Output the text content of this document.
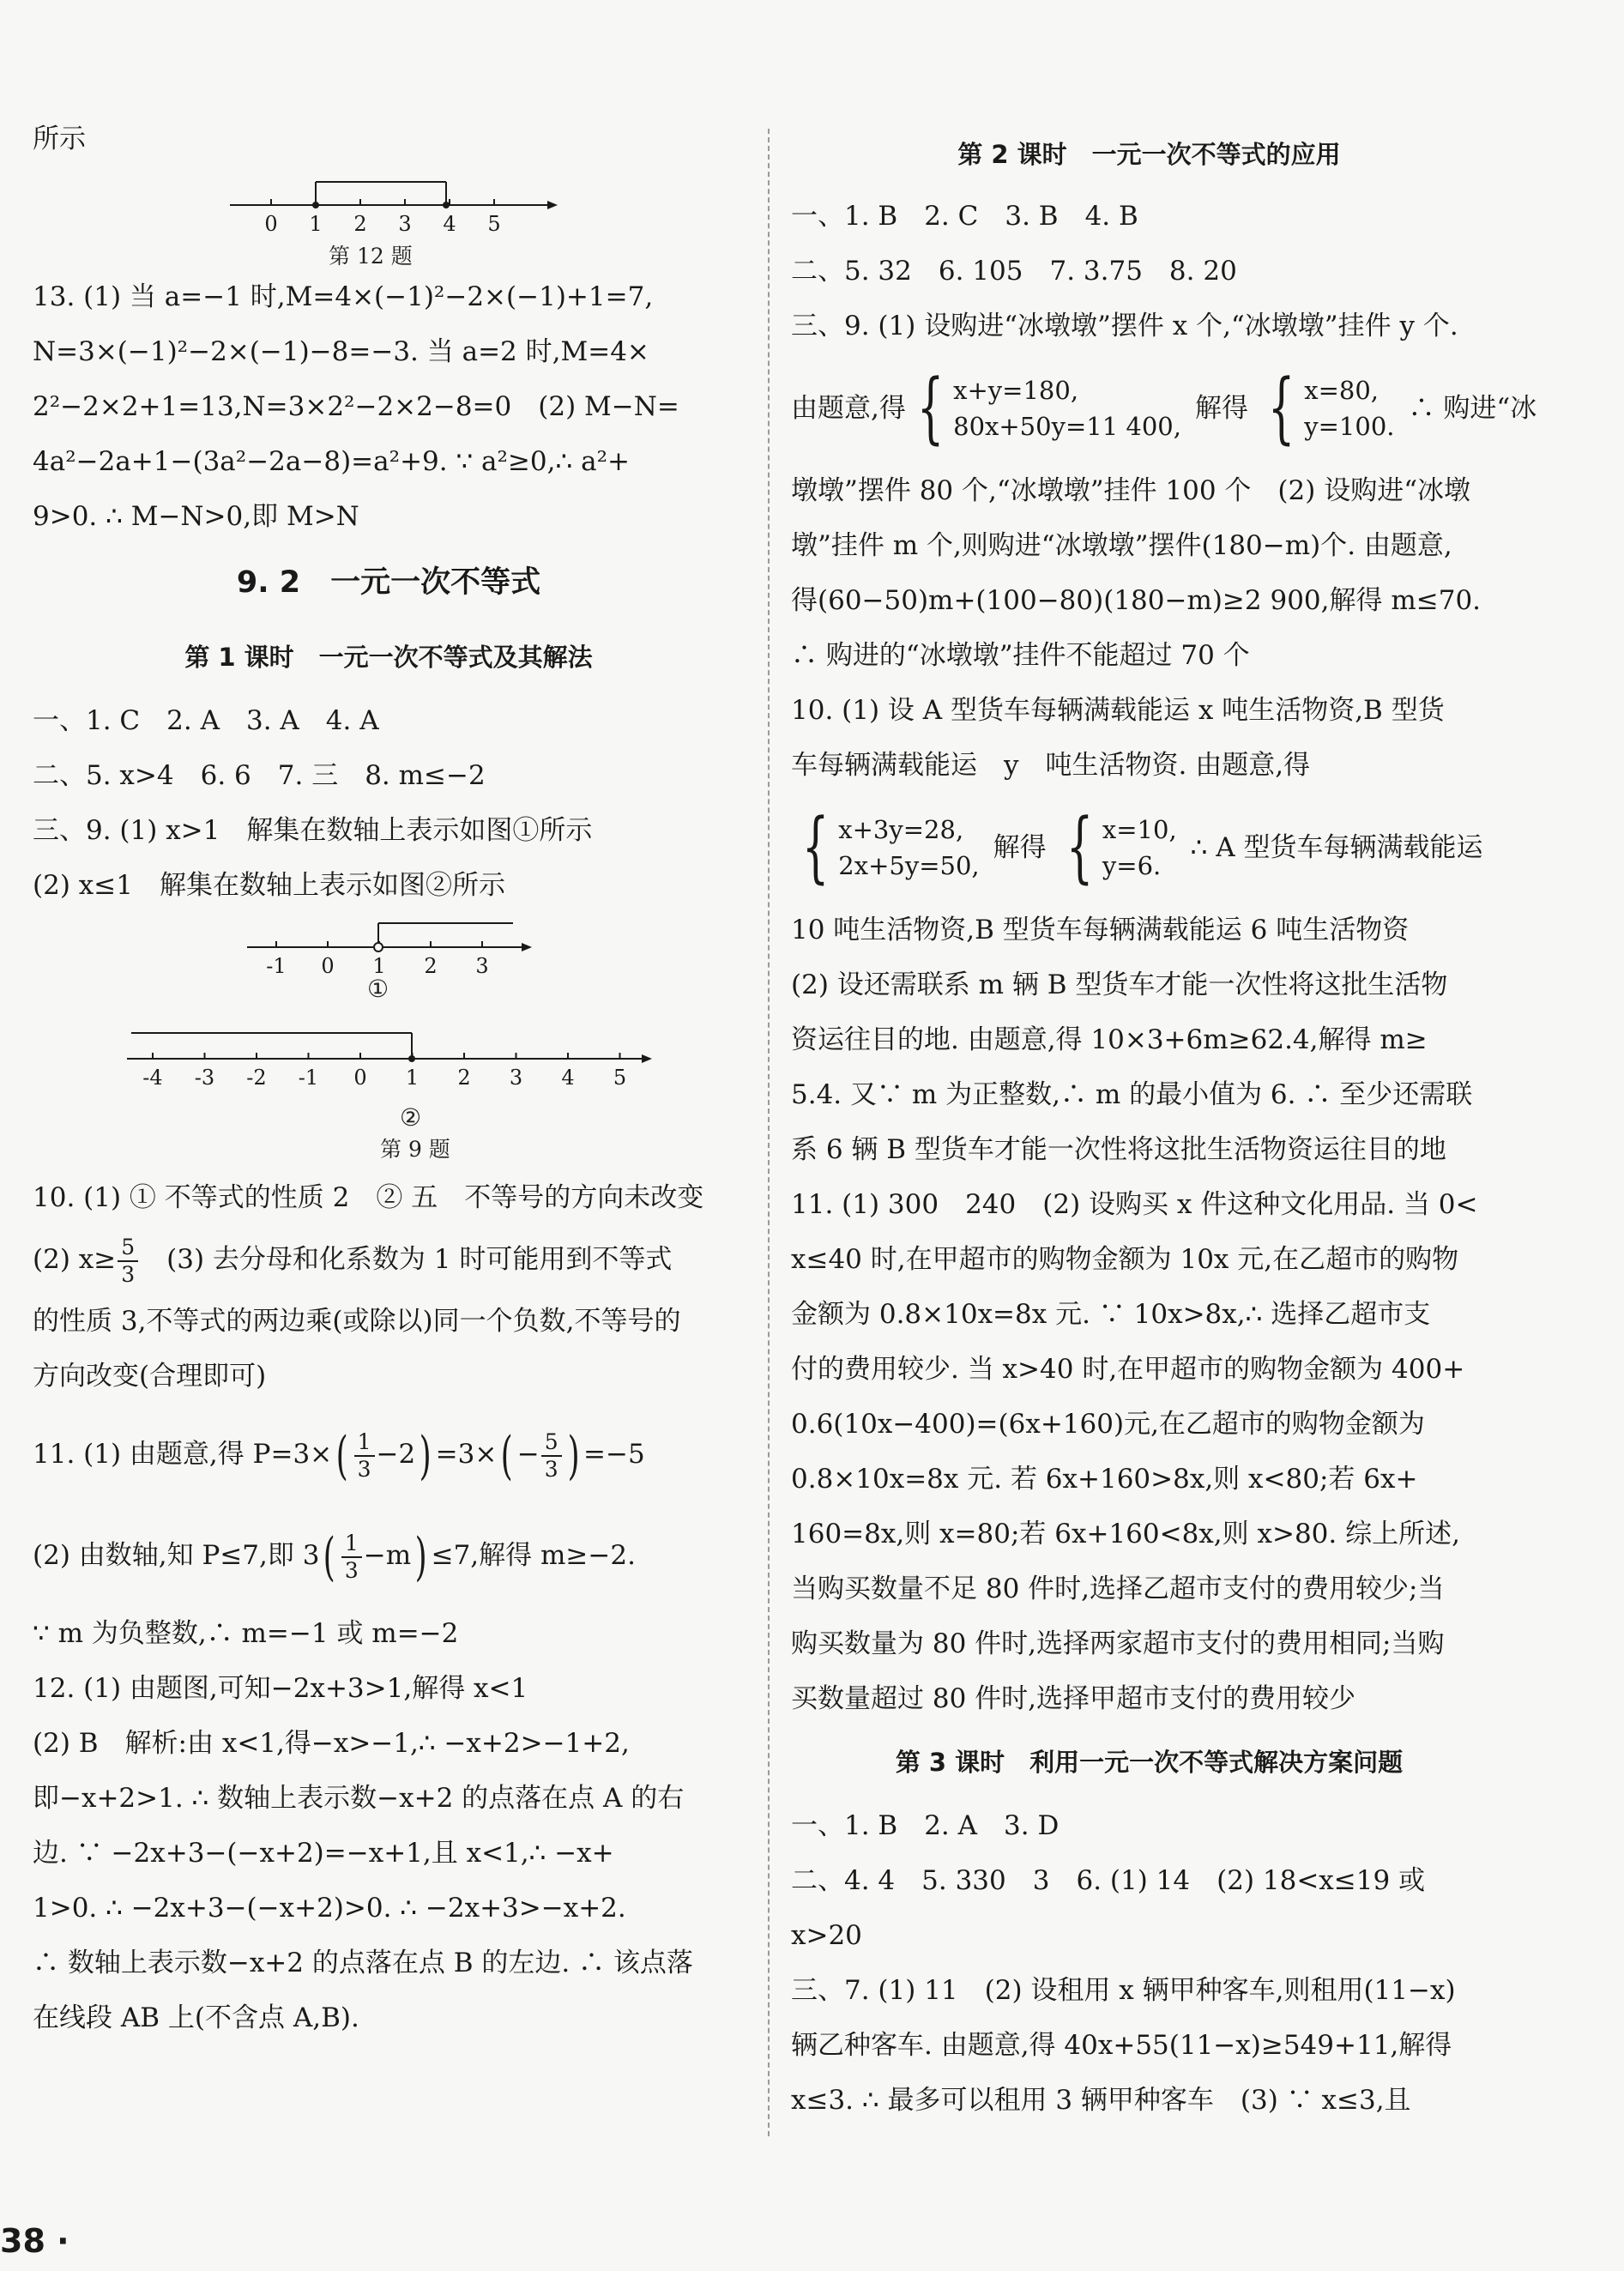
所示
0 1 2 3 4 5
第 12 题
13. (1) 当 a=−1 时,M=4×(−1)²−2×(−1)+1=7,
N=3×(−1)²−2×(−1)−8=−3. 当 a=2 时,M=4×
2²−2×2+1=13,N=3×2²−2×2−8=0　(2) M−N=
4a²−2a+1−(3a²−2a−8)=a²+9. ∵ a²≥0,∴ a²+
9>0. ∴ M−N>0,即 M>N
9. 2　一元一次不等式
第 1 课时　一元一次不等式及其解法
一、1. C　2. A　3. A　4. A
二、5. x>4　6. 6　7. 三　8. m≤−2
三、9. (1) x>1　解集在数轴上表示如图①所示
(2) x≤1　解集在数轴上表示如图②所示
-1 0 1 2 3
-4 -3 -2 -1 0 1 2 3 4 5
①
②
第 9 题
10. (1) ① 不等式的性质 2　② 五　不等号的方向未改变
(2) $x\ge \frac{5}{3}$ 　(3) 去分母和化系数为 1 时可能用到不等式
的性质 3,不等式的两边乘(或除以)同一个负数,不等号的
方向改变(合理即可)
11. (1) 由题意,得 $P=3\times( \frac{1}{3} -2) =3\times( - \frac{5}{3}$ ) =−5
(2) 由数轴,知 P≤7,即 $3( \frac{1}{3} -m) \le 7$,解得 m≥−2.
∵ m 为负整数,∴ m=−1 或 m=−2
12. (1) 由题图,可知−2x+3>1,解得 x<1
(2) B　解析:由 x<1,得−x>−1,∴ −x+2>−1+2,
即−x+2>1. ∴ 数轴上表示数−x+2 的点落在点 A 的右
边. ∵ −2x+3−(−x+2)=−x+1,且 x<1,∴ −x+
1>0. ∴ −2x+3−(−x+2)>0. ∴ −2x+3>−x+2.
∴ 数轴上表示数−x+2 的点落在点 B 的左边. ∴ 该点落
在线段 AB 上(不含点 A,B).
第 2 课时　一元一次不等式的应用
一、1. B　2. C　3. B　4. B
二、5. 32　6. 105　7. 3.75　8. 20
三、9. (1) 设购进“冰墩墩”摆件 x 个,“冰墩墩”挂件 y 个.
由题意,得 { x+y=180,
80x+50y=11 400,
解得 { x=80,
y=100.
∴ 购进“冰
墩墩”摆件 80 个,“冰墩墩”挂件 100 个　(2) 设购进“冰墩
墩”挂件 m 个,则购进“冰墩墩”摆件(180−m)个. 由题意,
得(60−50)m+(100−80)(180−m)≥2 900,解得 m≤70.
∴ 购进的“冰墩墩”挂件不能超过 70 个
10. (1) 设 A 型货车每辆满载能运 x 吨生活物资,B 型货
车每辆满载能运　y　吨生活物资. 由题意,得
{ x+3y=28,
2x+5y=50,
解得 { x=10,
y=6.
∴ A 型货车每辆满载能运
10 吨生活物资,B 型货车每辆满载能运 6 吨生活物资
(2) 设还需联系 m 辆 B 型货车才能一次性将这批生活物
资运往目的地. 由题意,得 10×3+6m≥62.4,解得 m≥
5.4. 又∵ m 为正整数,∴ m 的最小值为 6. ∴ 至少还需联
系 6 辆 B 型货车才能一次性将这批生活物资运往目的地
11. (1) 300　240　(2) 设购买 x 件这种文化用品. 当 0<
x≤40 时,在甲超市的购物金额为 10x 元,在乙超市的购物
金额为 0.8×10x=8x 元. ∵ 10x>8x,∴ 选择乙超市支
付的费用较少. 当 x>40 时,在甲超市的购物金额为 400+
0.6(10x−400)=(6x+160)元,在乙超市的购物金额为
0.8×10x=8x 元. 若 6x+160>8x,则 x<80;若 6x+
160=8x,则 x=80;若 6x+160<8x,则 x>80. 综上所述,
当购买数量不足 80 件时,选择乙超市支付的费用较少;当
购买数量为 80 件时,选择两家超市支付的费用相同;当购
买数量超过 80 件时,选择甲超市支付的费用较少
第 3 课时　利用一元一次不等式解决方案问题
一、1. B　2. A　3. D
二、4. 4　5. 330　3　6. (1) 14　(2) 18<x≤19 或
x>20
三、7. (1) 11　(2) 设租用 x 辆甲种客车,则租用(11−x)
辆乙种客车. 由题意,得 40x+55(11−x)≥549+11,解得
x≤3. ∴ 最多可以租用 3 辆甲种客车　(3) ∵ x≤3,且
38 ·
